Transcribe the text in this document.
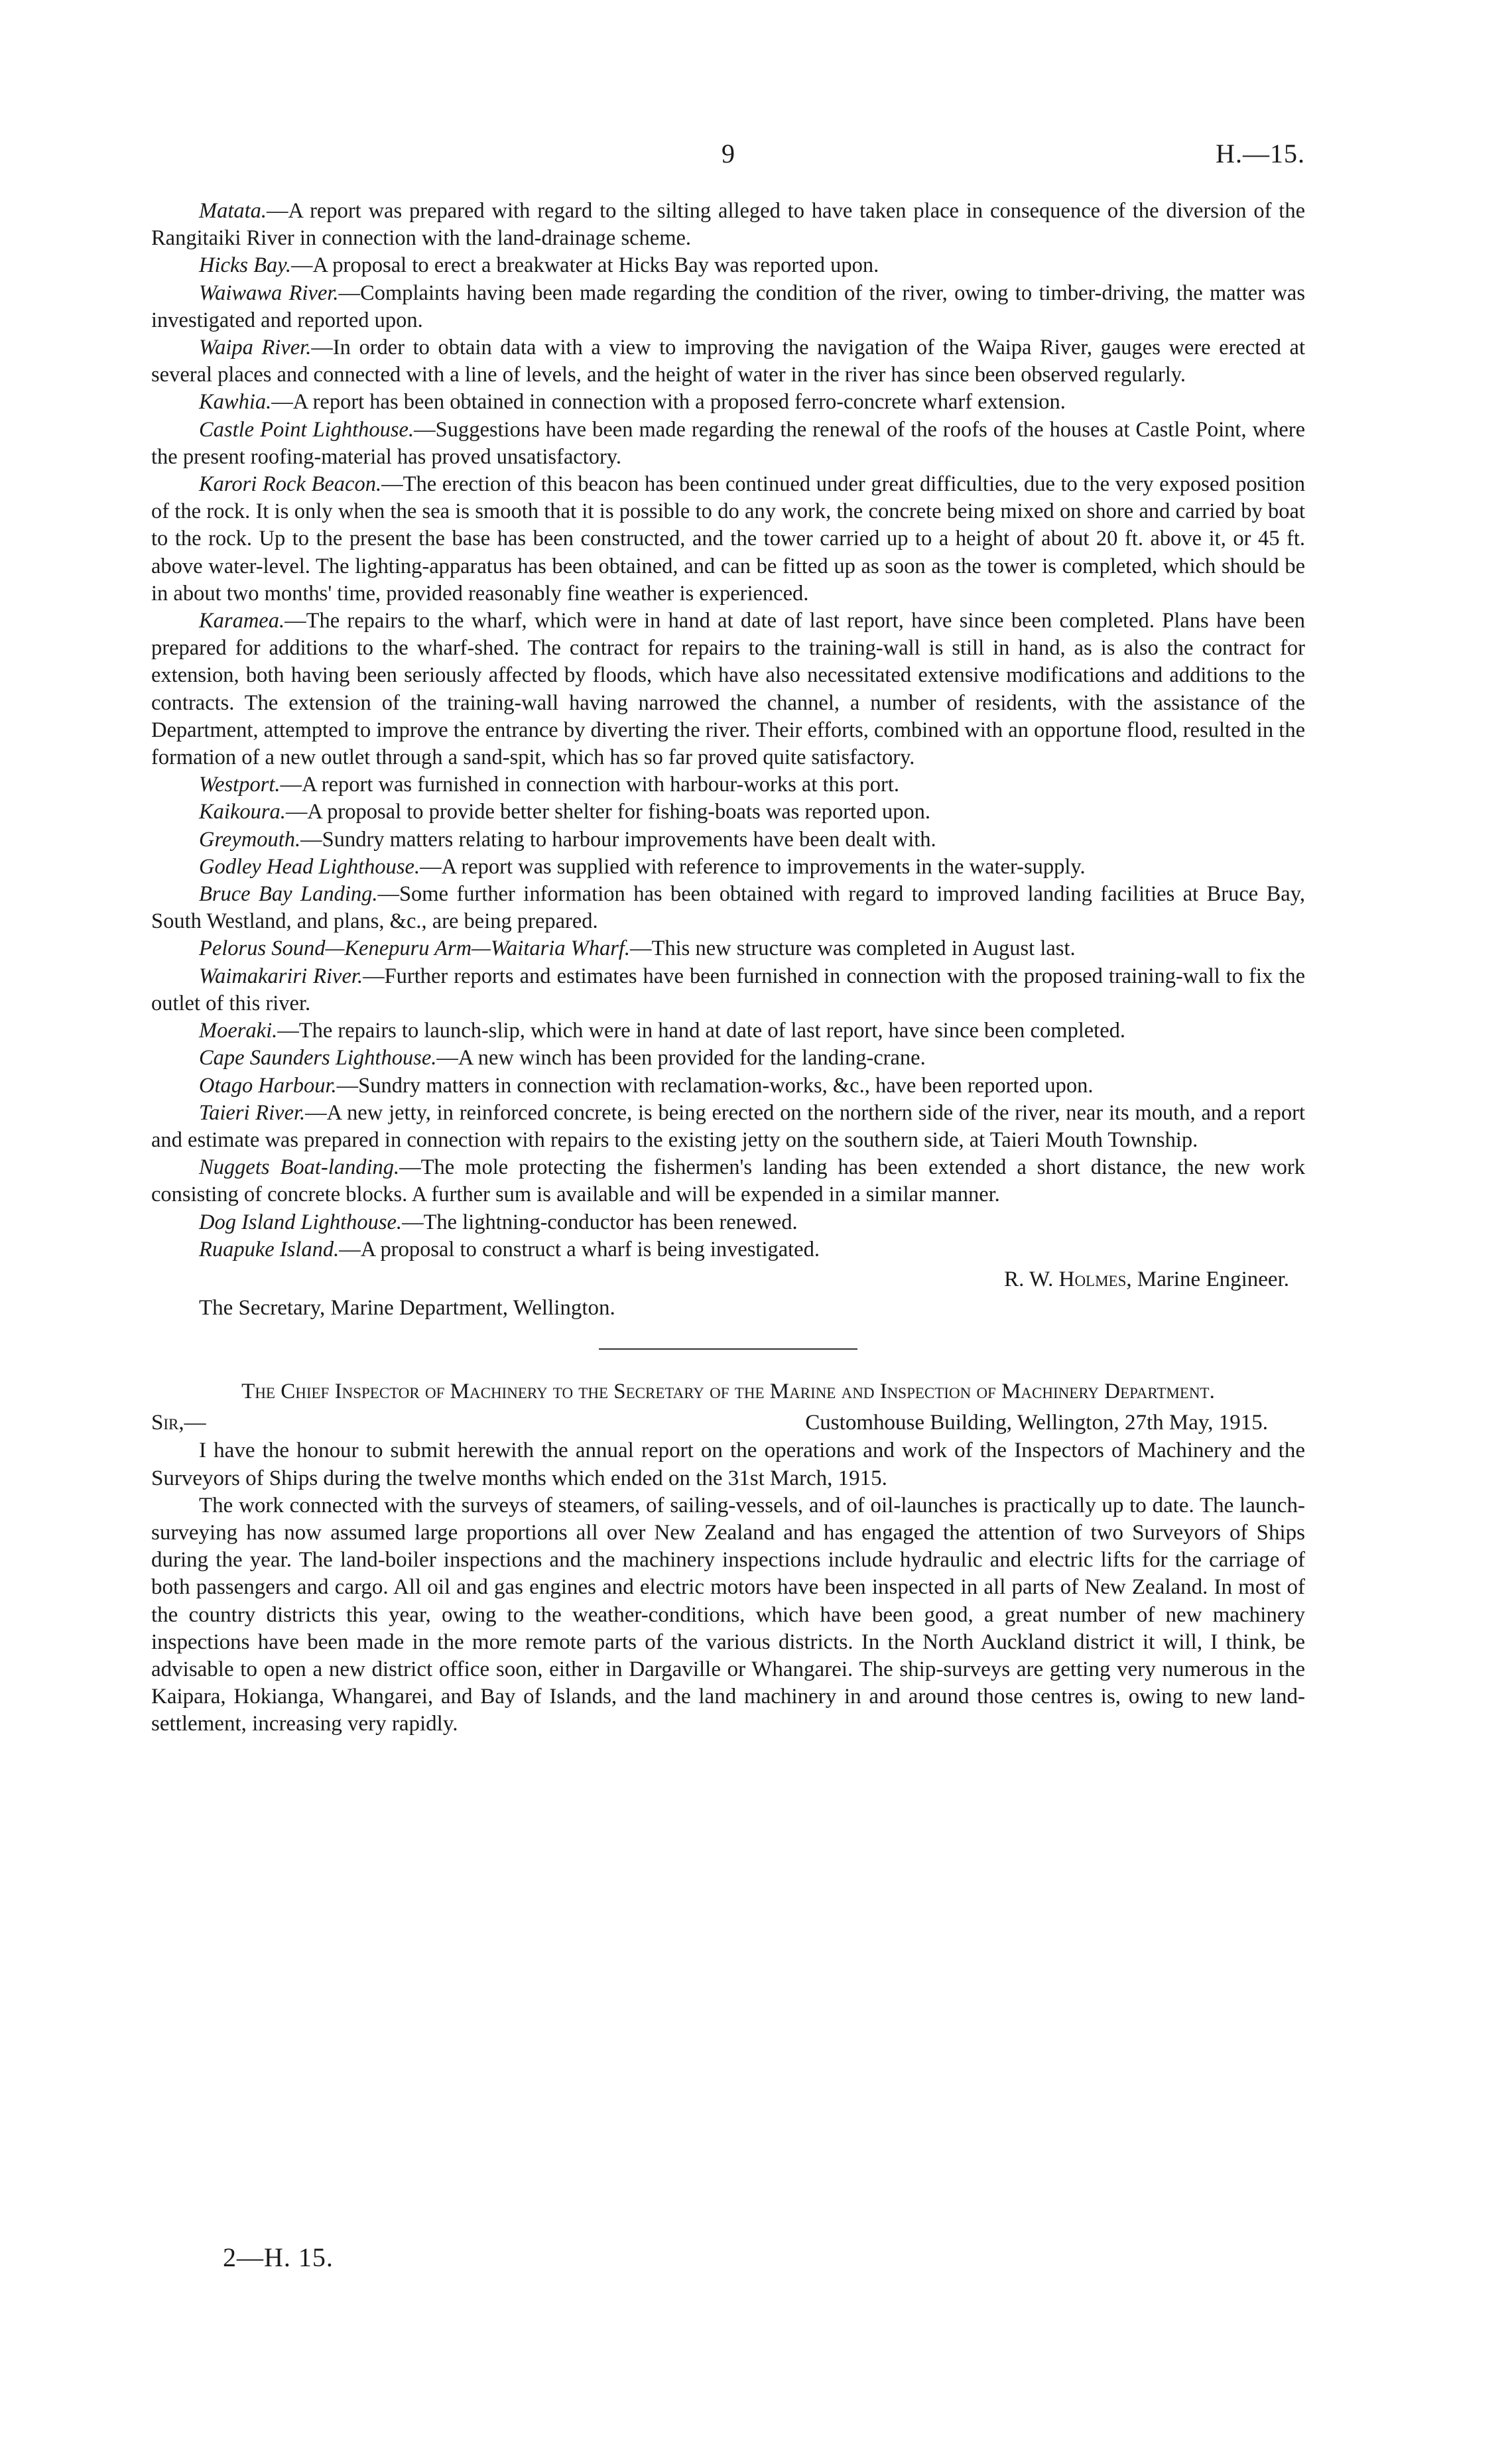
9	H.—15.

Matata.—A report was prepared with regard to the silting alleged to have taken place in consequence of the diversion of the Rangitaiki River in connection with the land-drainage scheme.

Hicks Bay.—A proposal to erect a breakwater at Hicks Bay was reported upon.

Waiwawa River.—Complaints having been made regarding the condition of the river, owing to timber-driving, the matter was investigated and reported upon.

Waipa River.—In order to obtain data with a view to improving the navigation of the Waipa River, gauges were erected at several places and connected with a line of levels, and the height of water in the river has since been observed regularly.

Kawhia.—A report has been obtained in connection with a proposed ferro-concrete wharf extension.

Castle Point Lighthouse.—Suggestions have been made regarding the renewal of the roofs of the houses at Castle Point, where the present roofing-material has proved unsatisfactory.

Karori Rock Beacon.—The erection of this beacon has been continued under great difficulties, due to the very exposed position of the rock. It is only when the sea is smooth that it is possible to do any work, the concrete being mixed on shore and carried by boat to the rock. Up to the present the base has been constructed, and the tower carried up to a height of about 20 ft. above it, or 45 ft. above water-level. The lighting-apparatus has been obtained, and can be fitted up as soon as the tower is completed, which should be in about two months' time, provided reasonably fine weather is experienced.

Karamea.—The repairs to the wharf, which were in hand at date of last report, have since been completed. Plans have been prepared for additions to the wharf-shed. The contract for repairs to the training-wall is still in hand, as is also the contract for extension, both having been seriously affected by floods, which have also necessitated extensive modifications and additions to the contracts. The extension of the training-wall having narrowed the channel, a number of residents, with the assistance of the Department, attempted to improve the entrance by diverting the river. Their efforts, combined with an opportune flood, resulted in the formation of a new outlet through a sand-spit, which has so far proved quite satisfactory.

Westport.—A report was furnished in connection with harbour-works at this port.

Kaikoura.—A proposal to provide better shelter for fishing-boats was reported upon.

Greymouth.—Sundry matters relating to harbour improvements have been dealt with.

Godley Head Lighthouse.—A report was supplied with reference to improvements in the water-supply.

Bruce Bay Landing.—Some further information has been obtained with regard to improved landing facilities at Bruce Bay, South Westland, and plans, &c., are being prepared.

Pelorus Sound—Kenepuru Arm—Waitaria Wharf.—This new structure was completed in August last.

Waimakariri River.—Further reports and estimates have been furnished in connection with the proposed training-wall to fix the outlet of this river.

Moeraki.—The repairs to launch-slip, which were in hand at date of last report, have since been completed.

Cape Saunders Lighthouse.—A new winch has been provided for the landing-crane.

Otago Harbour.—Sundry matters in connection with reclamation-works, &c., have been reported upon.

Taieri River.—A new jetty, in reinforced concrete, is being erected on the northern side of the river, near its mouth, and a report and estimate was prepared in connection with repairs to the existing jetty on the southern side, at Taieri Mouth Township.

Nuggets Boat-landing.—The mole protecting the fishermen's landing has been extended a short distance, the new work consisting of concrete blocks. A further sum is available and will be expended in a similar manner.

Dog Island Lighthouse.—The lightning-conductor has been renewed.

Ruapuke Island.—A proposal to construct a wharf is being investigated.

R. W. Holmes, Marine Engineer.

The Secretary, Marine Department, Wellington.

The Chief Inspector of Machinery to the Secretary of the Marine and Inspection of Machinery Department.

Sir,—	Customhouse Building, Wellington, 27th May, 1915.

I have the honour to submit herewith the annual report on the operations and work of the Inspectors of Machinery and the Surveyors of Ships during the twelve months which ended on the 31st March, 1915.

The work connected with the surveys of steamers, of sailing-vessels, and of oil-launches is practically up to date. The launch-surveying has now assumed large proportions all over New Zealand and has engaged the attention of two Surveyors of Ships during the year. The land-boiler inspections and the machinery inspections include hydraulic and electric lifts for the carriage of both passengers and cargo. All oil and gas engines and electric motors have been inspected in all parts of New Zealand. In most of the country districts this year, owing to the weather-conditions, which have been good, a great number of new machinery inspections have been made in the more remote parts of the various districts. In the North Auckland district it will, I think, be advisable to open a new district office soon, either in Dargaville or Whangarei. The ship-surveys are getting very numerous in the Kaipara, Hokianga, Whangarei, and Bay of Islands, and the land machinery in and around those centres is, owing to new land-settlement, increasing very rapidly.

2—H. 15.
